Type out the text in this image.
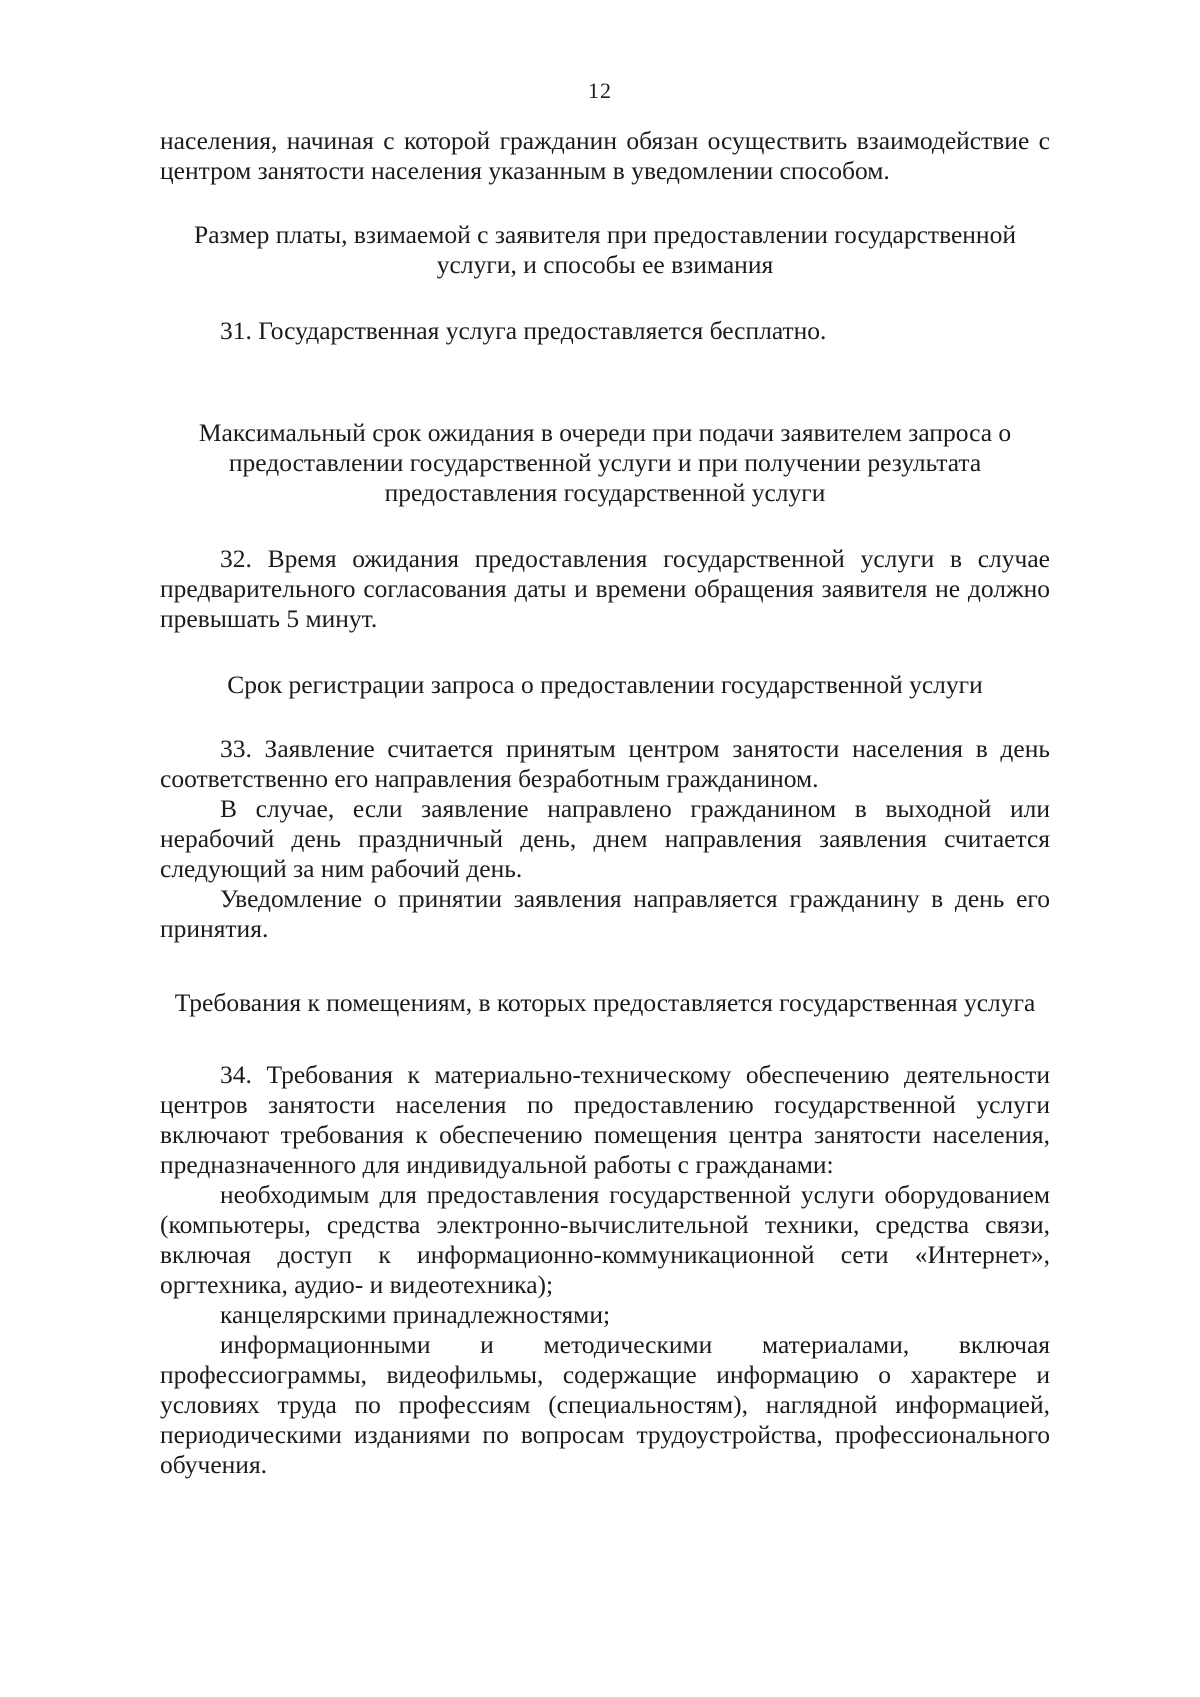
12

населения, начиная с которой гражданин обязан осуществить взаимодействие с центром занятости населения указанным в уведомлении способом.

Размер платы, взимаемой с заявителя при предоставлении государственной услуги, и способы ее взимания

31. Государственная услуга предоставляется бесплатно.

Максимальный срок ожидания в очереди при подачи заявителем запроса о предоставлении государственной услуги и при получении результата предоставления государственной услуги

32. Время ожидания предоставления государственной услуги в случае предварительного согласования даты и времени обращения заявителя не должно превышать 5 минут.

Срок регистрации запроса о предоставлении государственной услуги

33. Заявление считается принятым центром занятости населения в день соответственно его направления безработным гражданином.

В случае, если заявление направлено гражданином в выходной или нерабочий день праздничный день, днем направления заявления считается следующий за ним рабочий день.

Уведомление о принятии заявления направляется гражданину в день его принятия.

Требования к помещениям, в которых предоставляется государственная услуга

34. Требования к материально-техническому обеспечению деятельности центров занятости населения по предоставлению государственной услуги включают требования к обеспечению помещения центра занятости населения, предназначенного для индивидуальной работы с гражданами:

необходимым для предоставления государственной услуги оборудованием (компьютеры, средства электронно-вычислительной техники, средства связи, включая доступ к информационно-коммуникационной сети «Интернет», оргтехника, аудио- и видеотехника);

канцелярскими принадлежностями;

информационными и методическими материалами, включая профессиограммы, видеофильмы, содержащие информацию о характере и условиях труда по профессиям (специальностям), наглядной информацией, периодическими изданиями по вопросам трудоустройства, профессионального обучения.
